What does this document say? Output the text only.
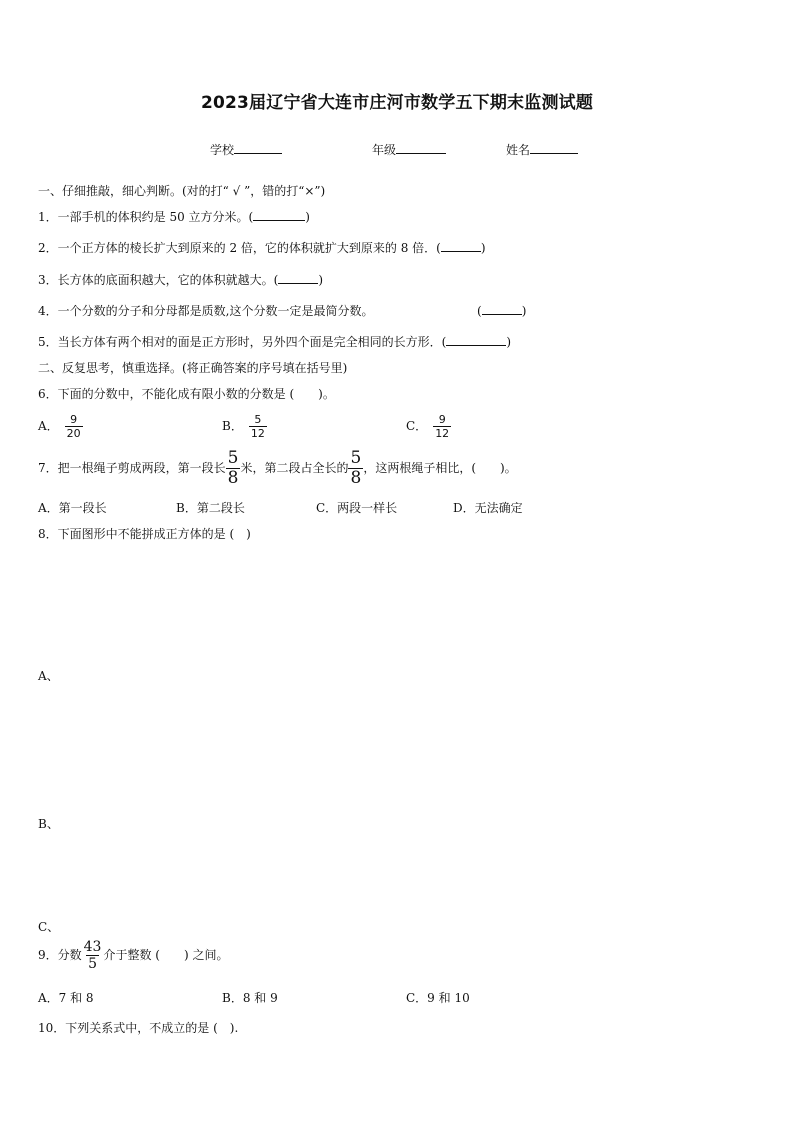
2023届辽宁省大连市庄河市数学五下期末监测试题
学校	年级	姓名
一、仔细推敲，细心判断。(对的打“ √ ”，错的打“×”)
1．一部手机的体积约是 50 立方分米。(	)
2．一个正方体的棱长扩大到原来的 2 倍，它的体积就扩大到原来的 8 倍．(	)
3．长方体的底面积越大，它的体积就越大。(	)
4．一个分数的分子和分母都是质数,这个分数一定是最简分数。	(	)
5．当长方体有两个相对的面是正方形时，另外四个面是完全相同的长方形．(	)
二、反复思考，慎重选择。(将正确答案的序号填在括号里)
6．下面的分数中，不能化成有限小数的分数是 (　　)。
A． $\frac{9}{20}$	B． $\frac{5}{12}$	C． $\frac{9}{12}$
7．把一根绳子剪成两段，第一段长 $\frac{5}{8}$ 米，第二段占全长的 $\frac{5}{8}$ ，这两根绳子相比，(　　)。
A．第一段长	B．第二段长	C．两段一样长	D．无法确定
8．下面图形中不能拼成正方体的是 (　)
A、
B、
C、
9．分数 $\frac{43}{5}$ 介于整数 (　　) 之间。
A．7 和 8	B．8 和 9	C．9 和 10
10．下列关系式中，不成立的是 (　).
